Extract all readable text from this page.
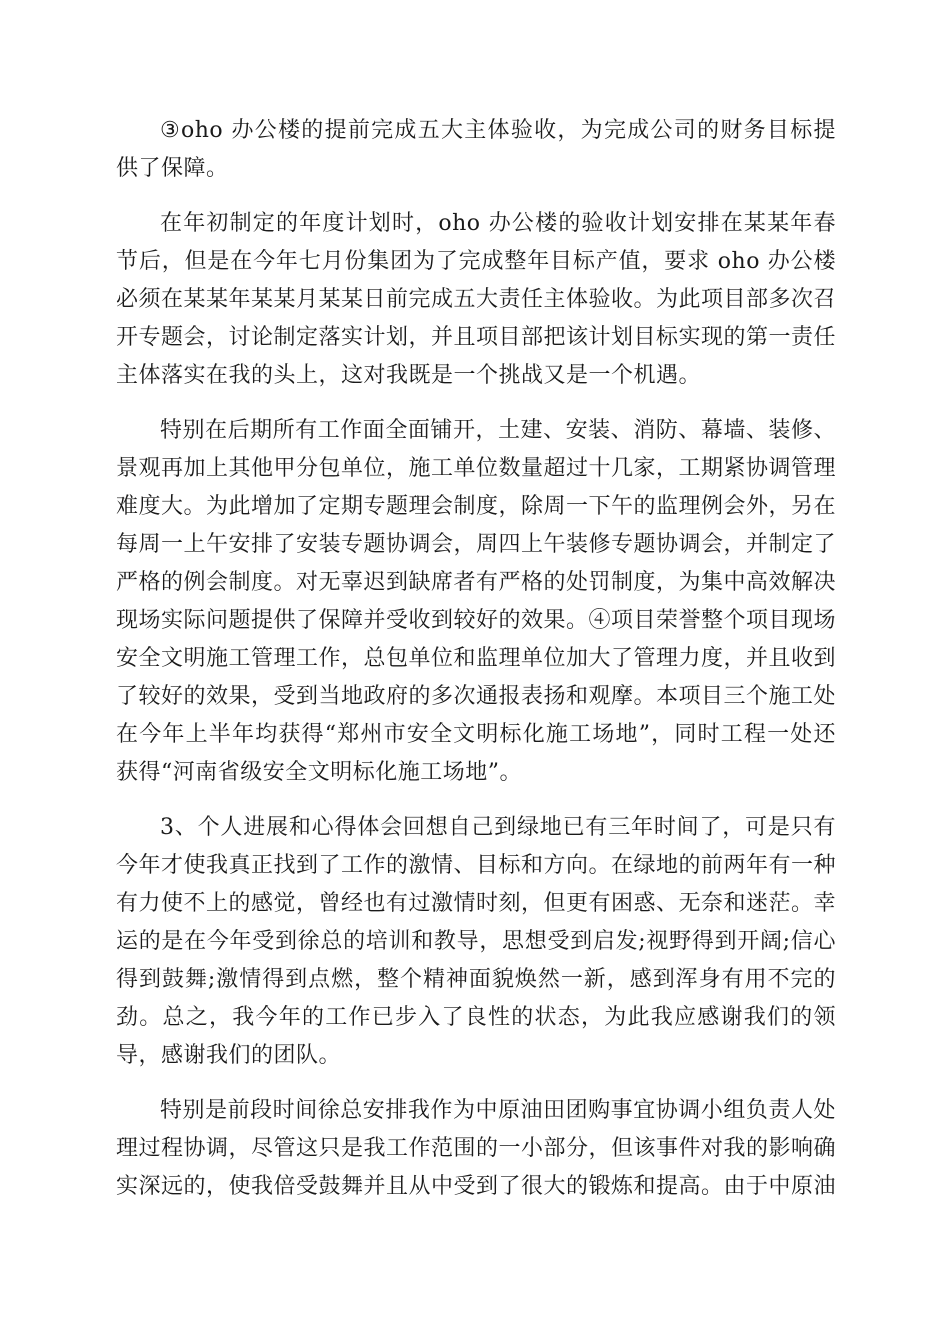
③oho 办公楼的提前完成五大主体验收，为完成公司的财务目标提供了保障。

在年初制定的年度计划时，oho 办公楼的验收计划安排在某某年春节后，但是在今年七月份集团为了完成整年目标产值，要求 oho 办公楼必须在某某年某某月某某日前完成五大责任主体验收。为此项目部多次召开专题会，讨论制定落实计划，并且项目部把该计划目标实现的第一责任主体落实在我的头上，这对我既是一个挑战又是一个机遇。

特别在后期所有工作面全面铺开，土建、安装、消防、幕墙、装修、景观再加上其他甲分包单位，施工单位数量超过十几家，工期紧协调管理难度大。为此增加了定期专题理会制度，除周一下午的监理例会外，另在每周一上午安排了安装专题协调会，周四上午装修专题协调会，并制定了严格的例会制度。对无辜迟到缺席者有严格的处罚制度，为集中高效解决现场实际问题提供了保障并受收到较好的效果。④项目荣誉整个项目现场安全文明施工管理工作，总包单位和监理单位加大了管理力度，并且收到了较好的效果，受到当地政府的多次通报表扬和观摩。本项目三个施工处在今年上半年均获得“郑州市安全文明标化施工场地”，同时工程一处还获得“河南省级安全文明标化施工场地”。

3、个人进展和心得体会回想自己到绿地已有三年时间了，可是只有今年才使我真正找到了工作的激情、目标和方向。在绿地的前两年有一种有力使不上的感觉，曾经也有过激情时刻，但更有困惑、无奈和迷茫。幸运的是在今年受到徐总的培训和教导，思想受到启发;视野得到开阔;信心得到鼓舞;激情得到点燃，整个精神面貌焕然一新，感到浑身有用不完的劲。总之，我今年的工作已步入了良性的状态，为此我应感谢我们的领导，感谢我们的团队。

特别是前段时间徐总安排我作为中原油田团购事宜协调小组负责人处理过程协调，尽管这只是我工作范围的一小部分，但该事件对我的影响确实深远的，使我倍受鼓舞并且从中受到了很大的锻炼和提高。由于中原油
